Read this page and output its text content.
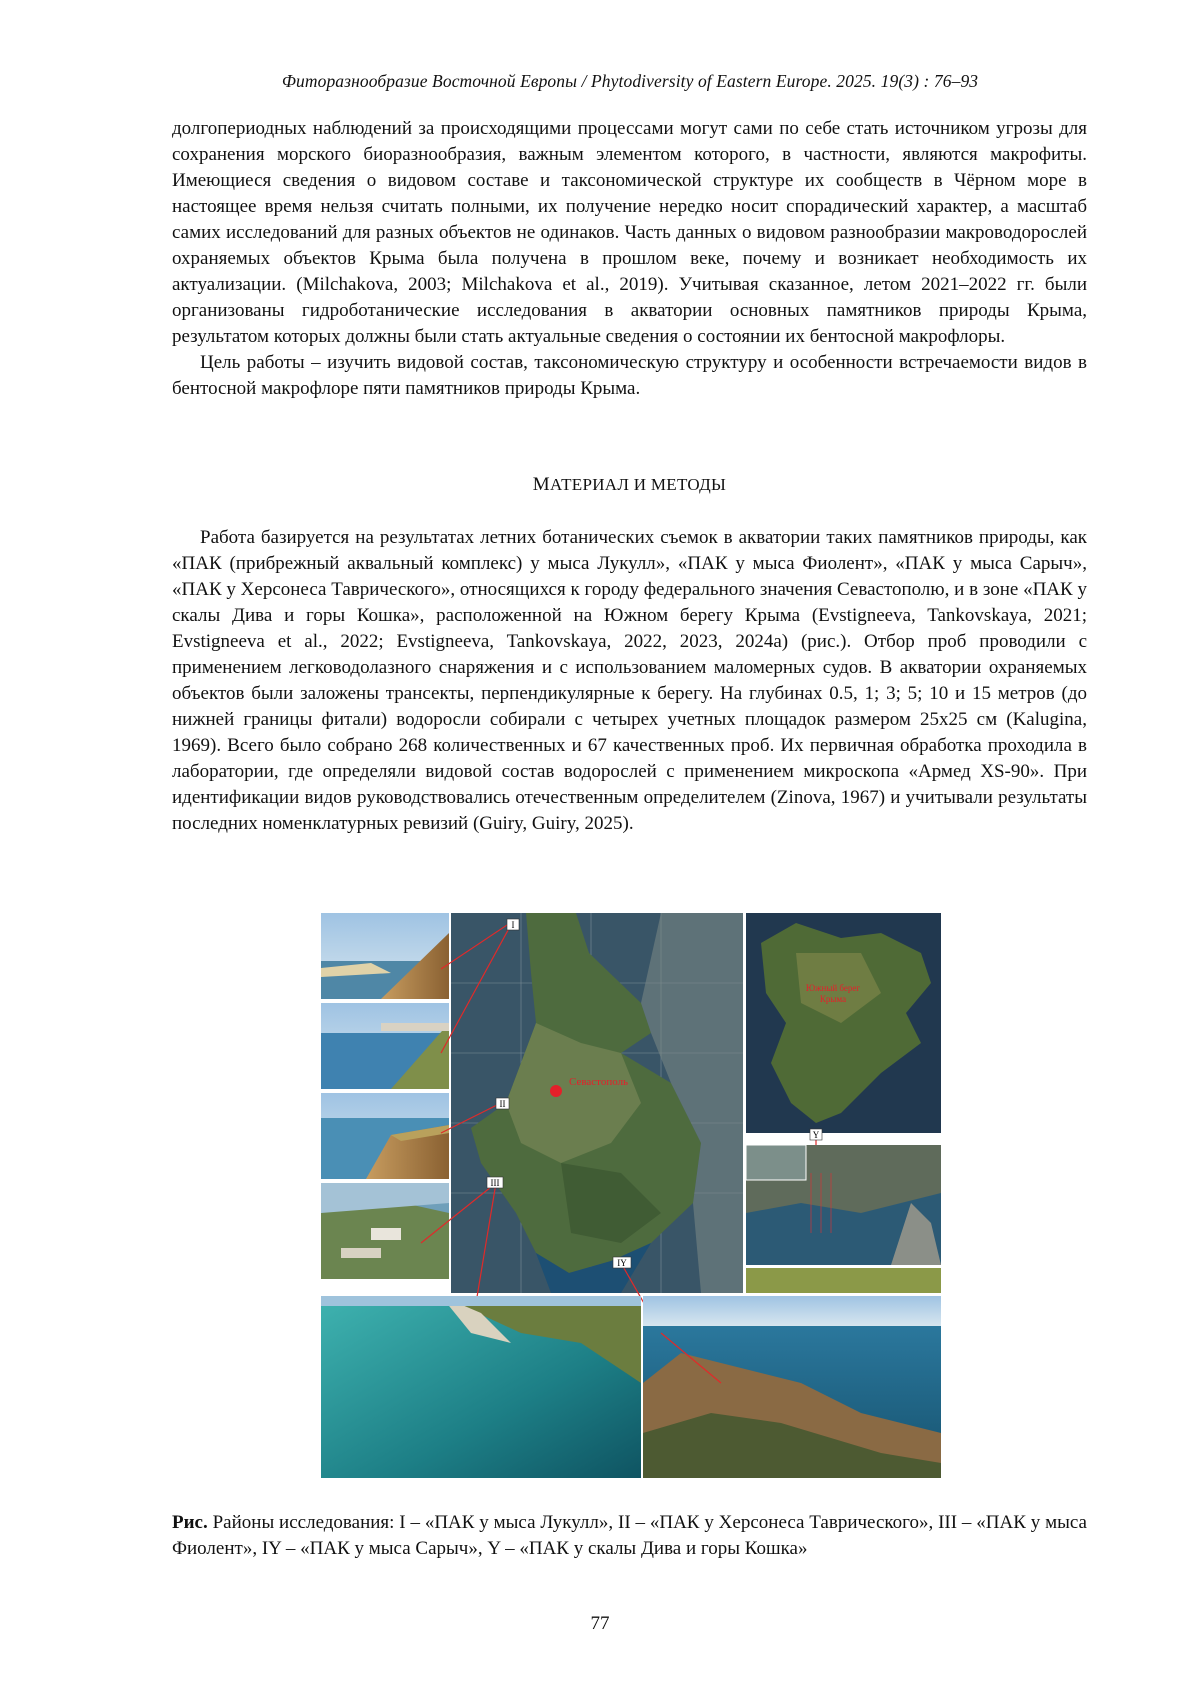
Фиторазнообразие Восточной Европы / Phytodiversity of Eastern Europe. 2025. 19(3) : 76–93

долгопериодных наблюдений за происходящими процессами могут сами по себе стать источником угрозы для сохранения морского биоразнообразия, важным элементом которого, в частности, являются макрофиты. Имеющиеся сведения о видовом составе и таксономической структуре их сообществ в Чёрном море в настоящее время нельзя считать полными, их получение нередко носит спорадический характер, а масштаб самих исследований для разных объектов не одинаков. Часть данных о видовом разнообразии макроводорослей охраняемых объектов Крыма была получена в прошлом веке, почему и возникает необходимость их актуализации. (Milchakova, 2003; Milchakova et al., 2019). Учитывая сказанное, летом 2021–2022 гг. были организованы гидроботанические исследования в акватории основных памятников природы Крыма, результатом которых должны были стать актуальные сведения о состоянии их бентосной макрофлоры.

Цель работы – изучить видовой состав, таксономическую структуру и особенности встречаемости видов в бентосной макрофлоре пяти памятников природы Крыма.

МАТЕРИАЛ И МЕТОДЫ

Работа базируется на результатах летних ботанических съемок в акватории таких памятников природы, как «ПАК (прибрежный аквальный комплекс) у мыса Лукулл», «ПАК у мыса Фиолент», «ПАК у мыса Сарыч», «ПАК у Херсонеса Таврического», относящихся к городу федерального значения Севастополю, и в зоне «ПАК у скалы Дива и горы Кошка», расположенной на Южном берегу Крыма (Evstigneeva, Tankovskaya, 2021; Evstigneeva et al., 2022; Evstigneeva, Tankovskaya, 2022, 2023, 2024a) (рис.). Отбор проб проводили с применением легководолазного снаряжения и с использованием маломерных судов. В акватории охраняемых объектов были заложены трансекты, перпендикулярные к берегу. На глубинах 0.5, 1; 3; 5; 10 и 15 метров (до нижней границы фитали) водоросли собирали с четырех учетных площадок размером 25x25 см (Kalugina, 1969). Всего было собрано 268 количественных и 67 качественных проб. Их первичная обработка проходила в лаборатории, где определяли видовой состав водорослей с применением микроскопа «Армед XS-90». При идентификации видов руководствовались отечественным определителем (Zinova, 1967) и учитывали результаты последних номенклатурных ревизий (Guiry, Guiry, 2025).

Севастополь
I
II
III
IY
Южный берег
Крыма
Y
Рис. Районы исследования: I – «ПАК у мыса Лукулл», II – «ПАК у Херсонеса Таврического», III – «ПАК у мыса Фиолент», IY – «ПАК у мыса Сарыч», Y – «ПАК у скалы Дива и горы Кошка»
77
